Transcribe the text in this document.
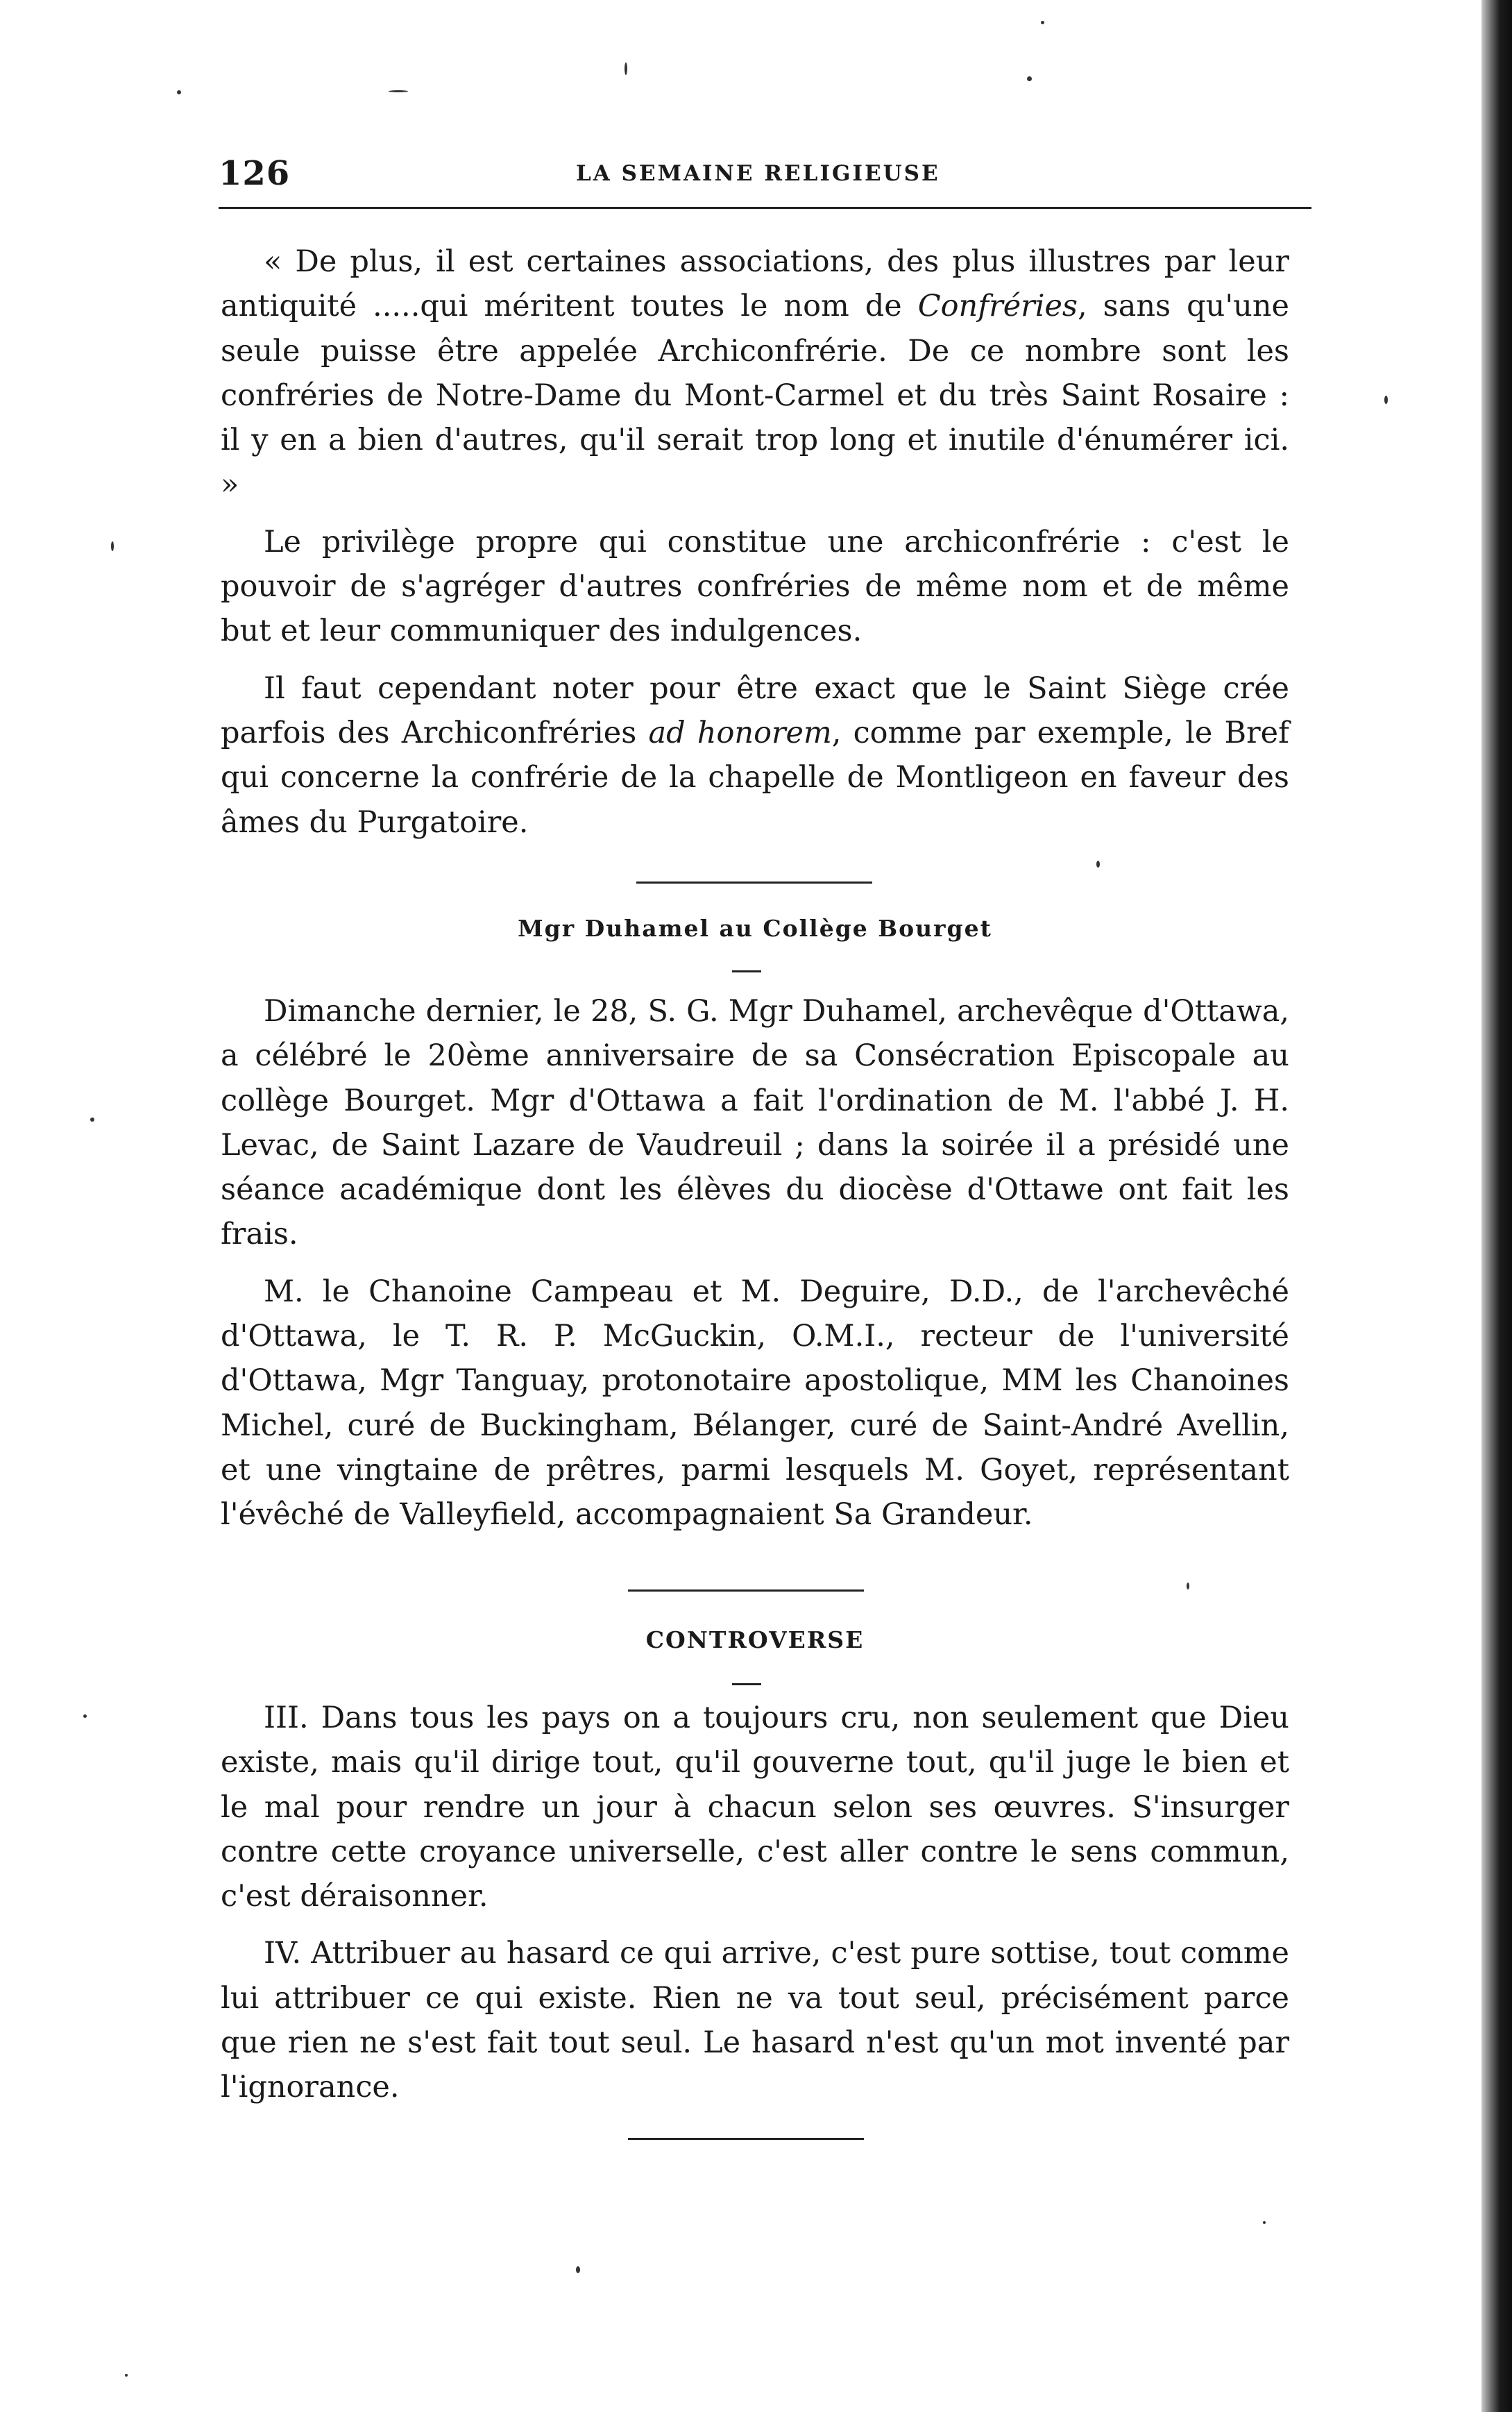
126	LA SEMAINE RELIGIEUSE

« De plus, il est certaines associations, des plus illustres par leur antiquité .....qui méritent toutes le nom de Confréries, sans qu'une seule puisse être appelée Archiconfrérie. De ce nombre sont les confréries de Notre-Dame du Mont-Carmel et du très Saint Rosaire : il y en a bien d'autres, qu'il serait trop long et inutile d'énumérer ici. »

Le privilège propre qui constitue une archiconfrérie : c'est le pouvoir de s'agréger d'autres confréries de même nom et de même but et leur communiquer des indulgences.

Il faut cependant noter pour être exact que le Saint Siège crée parfois des Archiconfréries ad honorem, comme par exemple, le Bref qui concerne la confrérie de la chapelle de Montligeon en faveur des âmes du Purgatoire.

Mgr Duhamel au Collège Bourget

Dimanche dernier, le 28, S. G. Mgr Duhamel, archevêque d'Ottawa, a célébré le 20ème anniversaire de sa Consécration Episcopale au collège Bourget. Mgr d'Ottawa a fait l'ordination de M. l'abbé J. H. Levac, de Saint Lazare de Vaudreuil ; dans la soirée il a présidé une séance académique dont les élèves du diocèse d'Ottawe ont fait les frais.

M. le Chanoine Campeau et M. Deguire, D.D., de l'archevêché d'Ottawa, le T. R. P. McGuckin, O.M.I., recteur de l'université d'Ottawa, Mgr Tanguay, protonotaire apostolique, MM les Chanoines Michel, curé de Buckingham, Bélanger, curé de Saint-André Avellin, et une vingtaine de prêtres, parmi lesquels M. Goyet, représentant l'évêché de Valleyfield, accompagnaient Sa Grandeur.

CONTROVERSE

III. Dans tous les pays on a toujours cru, non seulement que Dieu existe, mais qu'il dirige tout, qu'il gouverne tout, qu'il juge le bien et le mal pour rendre un jour à chacun selon ses œuvres. S'insurger contre cette croyance universelle, c'est aller contre le sens commun, c'est déraisonner.

IV. Attribuer au hasard ce qui arrive, c'est pure sottise, tout comme lui attribuer ce qui existe. Rien ne va tout seul, précisément parce que rien ne s'est fait tout seul. Le hasard n'est qu'un mot inventé par l'ignorance.
